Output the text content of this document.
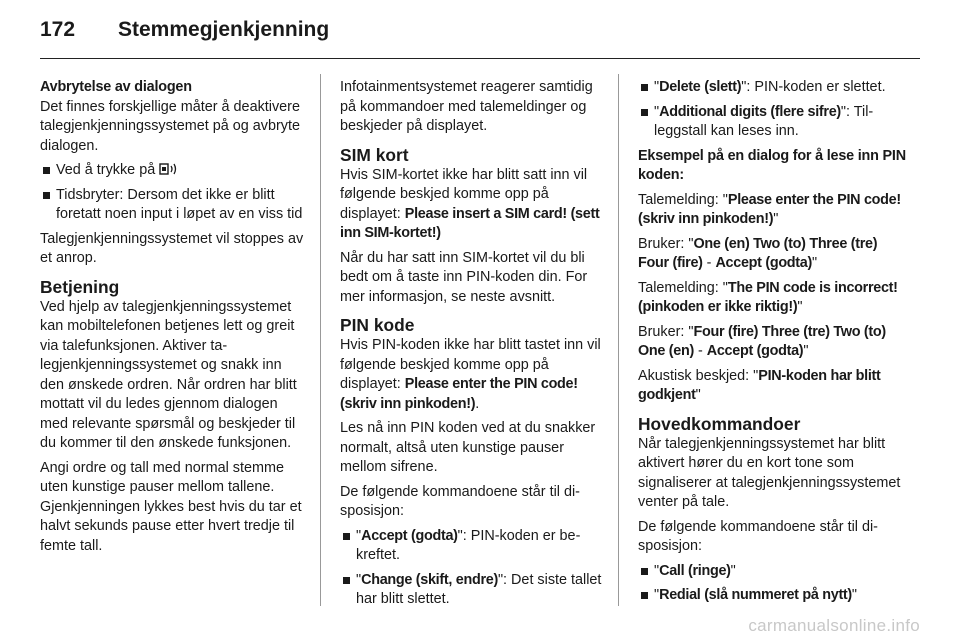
172	Stemmegjenkjenning
Avbrytelse av dialogen

Det finnes forskjellige måter å deaktivere talegjenkjenningssystemet på og avbryte dialogen.

Ved å trykke på
Tidsbryter: Dersom det ikke er blitt foretatt noen input i løpet av en viss tid

Talegjenkjenningssystemet vil stoppes av et anrop.

Betjening

Ved hjelp av talegjenkjenningssystemet kan mobiltelefonen betjenes lett og greit via talefunksjonen. Aktiver talegjenkjenningssystemet og snakk inn den ønskede ordren. Når ordren har blitt mottatt vil du ledes gjennom dialogen med relevante spørsmål og beskjeder til du kommer til den ønskede funksjonen.

Angi ordre og tall med normal stemme uten kunstige pauser mellom tallene. Gjenkjenningen lykkes best hvis du tar et halvt sekunds pause etter hvert tredje til femte tall.

Infotainmentsystemet reagerer samtidig på kommandoer med talemeldinger og beskjeder på displayet.

SIM kort

Hvis SIM-kortet ikke har blitt satt inn vil følgende beskjed komme opp på displayet: Please insert a SIM card! (sett inn SIM-kortet!)

Når du har satt inn SIM-kortet vil du bli bedt om å taste inn PIN-koden din. For mer informasjon, se neste avsnitt.

PIN kode

Hvis PIN-koden ikke har blitt tastet inn vil følgende beskjed komme opp på displayet: Please enter the PIN code! (skriv inn pinkoden!).

Les nå inn PIN koden ved at du snakker normalt, altså uten kunstige pauser mellom sifrene.

De følgende kommandoene står til disposisjon:

"Accept (godta)": PIN-koden er bekreftet.
"Change (skift, endre)": Det siste tallet har blitt slettet.
"Delete (slett)": PIN-koden er slettet.
"Additional digits (flere sifre)": Tilleggstall kan leses inn.
Eksempel på en dialog for å lese inn PIN koden:

Talemelding: "Please enter the PIN code! (skriv inn pinkoden!)"

Bruker: "One (en) Two (to) Three (tre) Four (fire) - Accept (godta)"

Talemelding: "The PIN code is incorrect! (pinkoden er ikke riktig!)"

Bruker: "Four (fire) Three (tre) Two (to) One (en) - Accept (godta)"

Akustisk beskjed: "PIN-koden har blitt godkjent"

Hovedkommandoer

Når talegjenkjenningssystemet har blitt aktivert hører du en kort tone som signaliserer at talegjenkjenningssystemet venter på tale.

De følgende kommandoene står til disposisjon:

"Call (ringe)"
"Redial (slå nummeret på nytt)"
carmanualsonline.info
